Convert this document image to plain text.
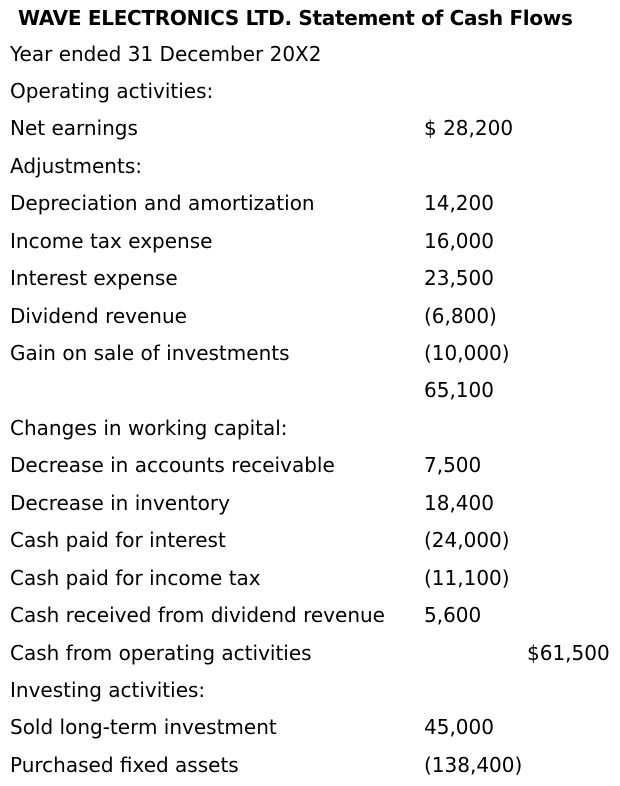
WAVE ELECTRONICS LTD. Statement of Cash Flows
Year ended 31 December 20X2
Operating activities:
Net earnings	$ 28,200
Adjustments:
Depreciation and amortization	14,200
Income tax expense	16,000
Interest expense	23,500
Dividend revenue	(6,800)
Gain on sale of investments	(10,000)
65,100
Changes in working capital:
Decrease in accounts receivable	7,500
Decrease in inventory	18,400
Cash paid for interest	(24,000)
Cash paid for income tax	(11,100)
Cash received from dividend revenue 5,600
Cash from operating activities	$61,500
Investing activities:
Sold long-term investment	45,000
Purchased fixed assets	(138,400)
